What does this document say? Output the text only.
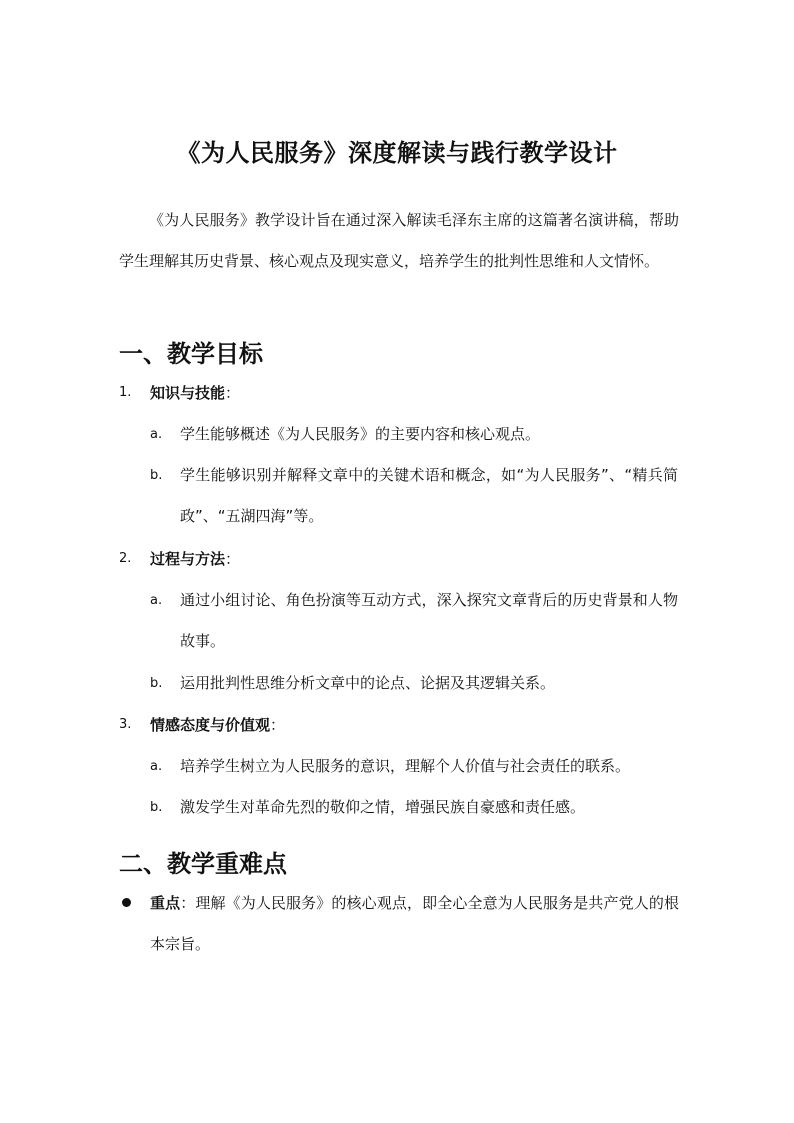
《为人民服务》深度解读与践行教学设计

《为人民服务》教学设计旨在通过深入解读毛泽东主席的这篇著名演讲稿，帮助学生理解其历史背景、核心观点及现实意义，培养学生的批判性思维和人文情怀。

一、教学目标
1.	知识与技能：
a. 学生能够概述《为人民服务》的主要内容和核心观点。

b. 学生能够识别并解释文章中的关键术语和概念，如“为人民服务”、“精兵简政”、“五湖四海”等。

2.	过程与方法：
a. 通过小组讨论、角色扮演等互动方式，深入探究文章背后的历史背景和人物故事。

b. 运用批判性思维分析文章中的论点、论据及其逻辑关系。

3.	情感态度与价值观：
a. 培养学生树立为人民服务的意识，理解个人价值与社会责任的联系。

b. 激发学生对革命先烈的敬仰之情，增强民族自豪感和责任感。

二、教学重难点

重点：理解《为人民服务》的核心观点，即全心全意为人民服务是共产党人的根本宗旨。
